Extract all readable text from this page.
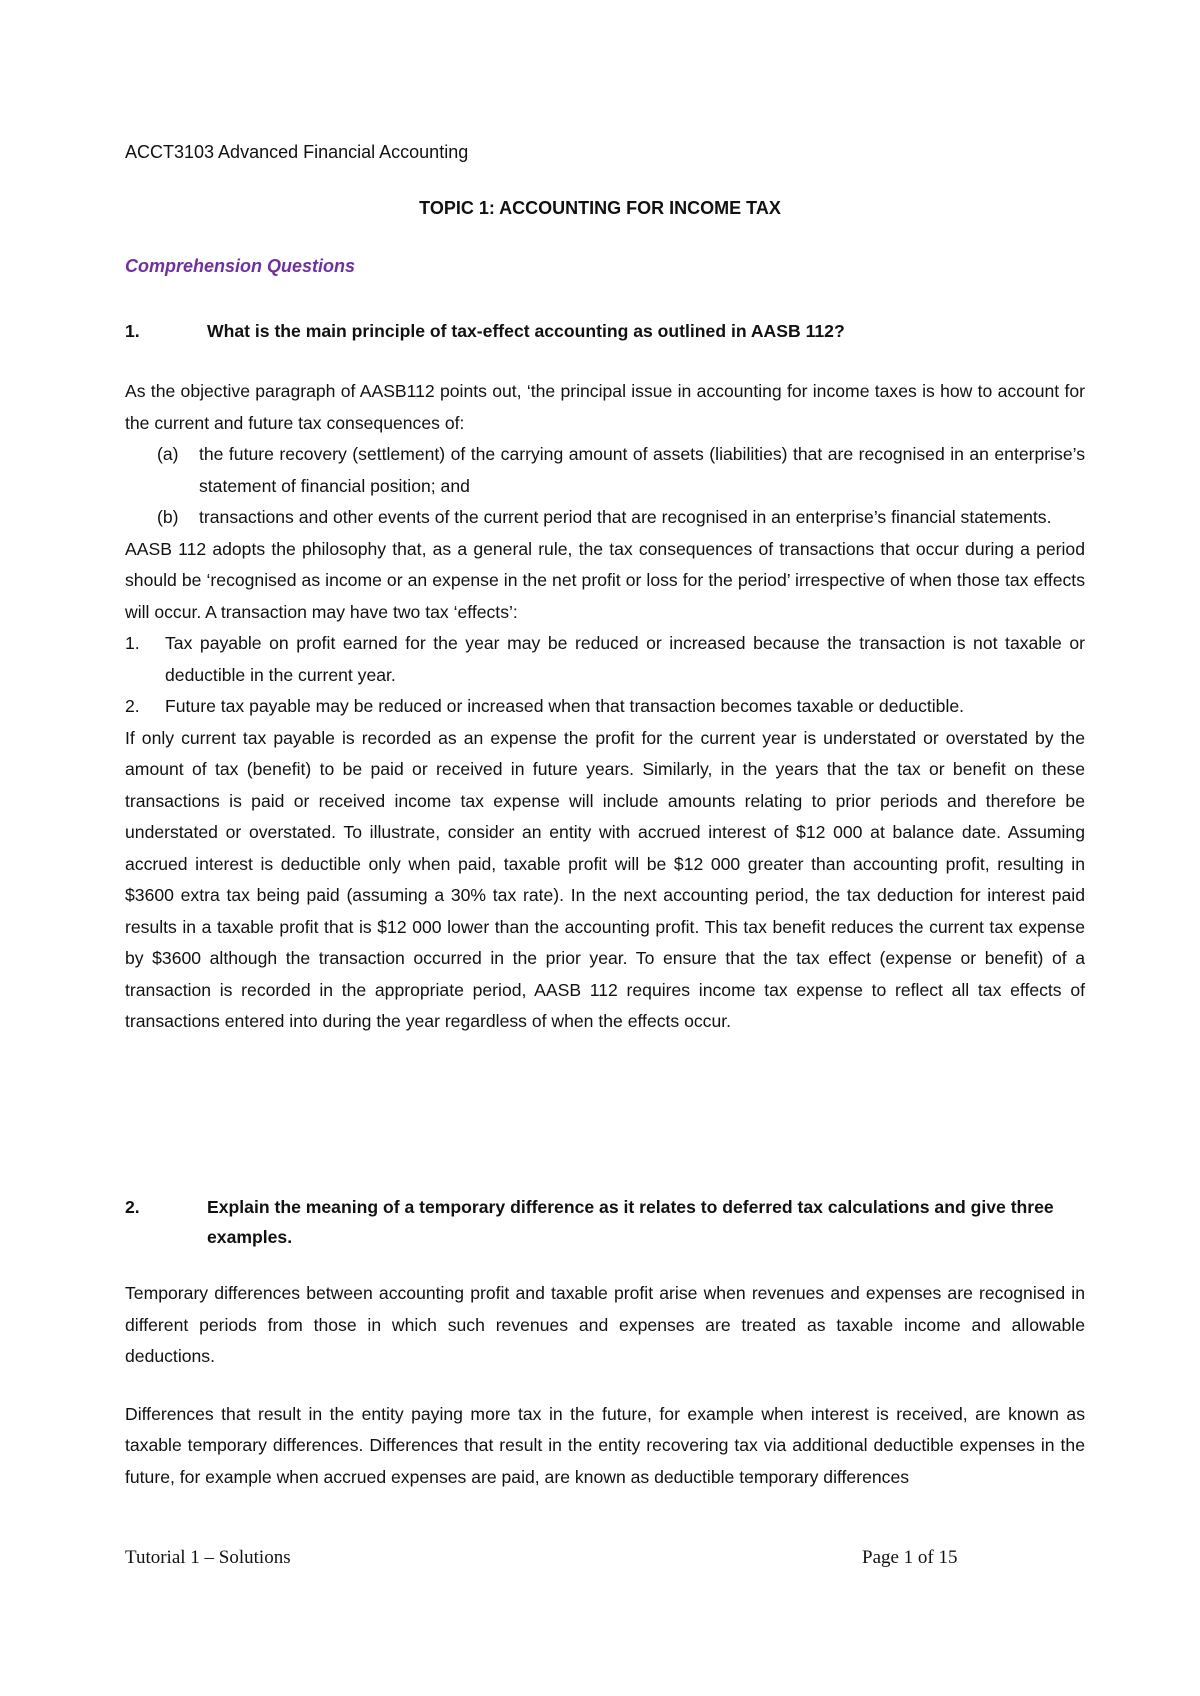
ACCT3103 Advanced Financial Accounting
TOPIC 1: ACCOUNTING FOR INCOME TAX
Comprehension Questions
1.	What is the main principle of tax-effect accounting as outlined in AASB 112?

As the objective paragraph of AASB112 points out, ‘the principal issue in accounting for income taxes is how to account for the current and future tax consequences of:

(a)	the future recovery (settlement) of the carrying amount of assets (liabilities) that are recognised in an enterprise’s statement of financial position; and
(b)	transactions and other events of the current period that are recognised in an enterprise’s financial statements.

AASB 112 adopts the philosophy that, as a general rule, the tax consequences of transactions that occur during a period should be ‘recognised as income or an expense in the net profit or loss for the period’ irrespective of when those tax effects will occur. A transaction may have two tax ‘effects’:

1.	Tax payable on profit earned for the year may be reduced or increased because the transaction is not taxable or deductible in the current year.
2.	Future tax payable may be reduced or increased when that transaction becomes taxable or deductible.

If only current tax payable is recorded as an expense the profit for the current year is understated or overstated by the amount of tax (benefit) to be paid or received in future years. Similarly, in the years that the tax or benefit on these transactions is paid or received income tax expense will include amounts relating to prior periods and therefore be understated or overstated. To illustrate, consider an entity with accrued interest of $12 000 at balance date. Assuming accrued interest is deductible only when paid, taxable profit will be $12 000 greater than accounting profit, resulting in $3600 extra tax being paid (assuming a 30% tax rate). In the next accounting period, the tax deduction for interest paid results in a taxable profit that is $12 000 lower than the accounting profit. This tax benefit reduces the current tax expense by $3600 although the transaction occurred in the prior year. To ensure that the tax effect (expense or benefit) of a transaction is recorded in the appropriate period, AASB 112 requires income tax expense to reflect all tax effects of transactions entered into during the year regardless of when the effects occur.

2.	Explain the meaning of a temporary difference as it relates to deferred tax calculations and give three examples.

Temporary differences between accounting profit and taxable profit arise when revenues and expenses are recognised in different periods from those in which such revenues and expenses are treated as taxable income and allowable deductions.

Differences that result in the entity paying more tax in the future, for example when interest is received, are known as taxable temporary differences. Differences that result in the entity recovering tax via additional deductible expenses in the future, for example when accrued expenses are paid, are known as deductible temporary differences

Tutorial 1 – Solutions	Page 1 of 15
